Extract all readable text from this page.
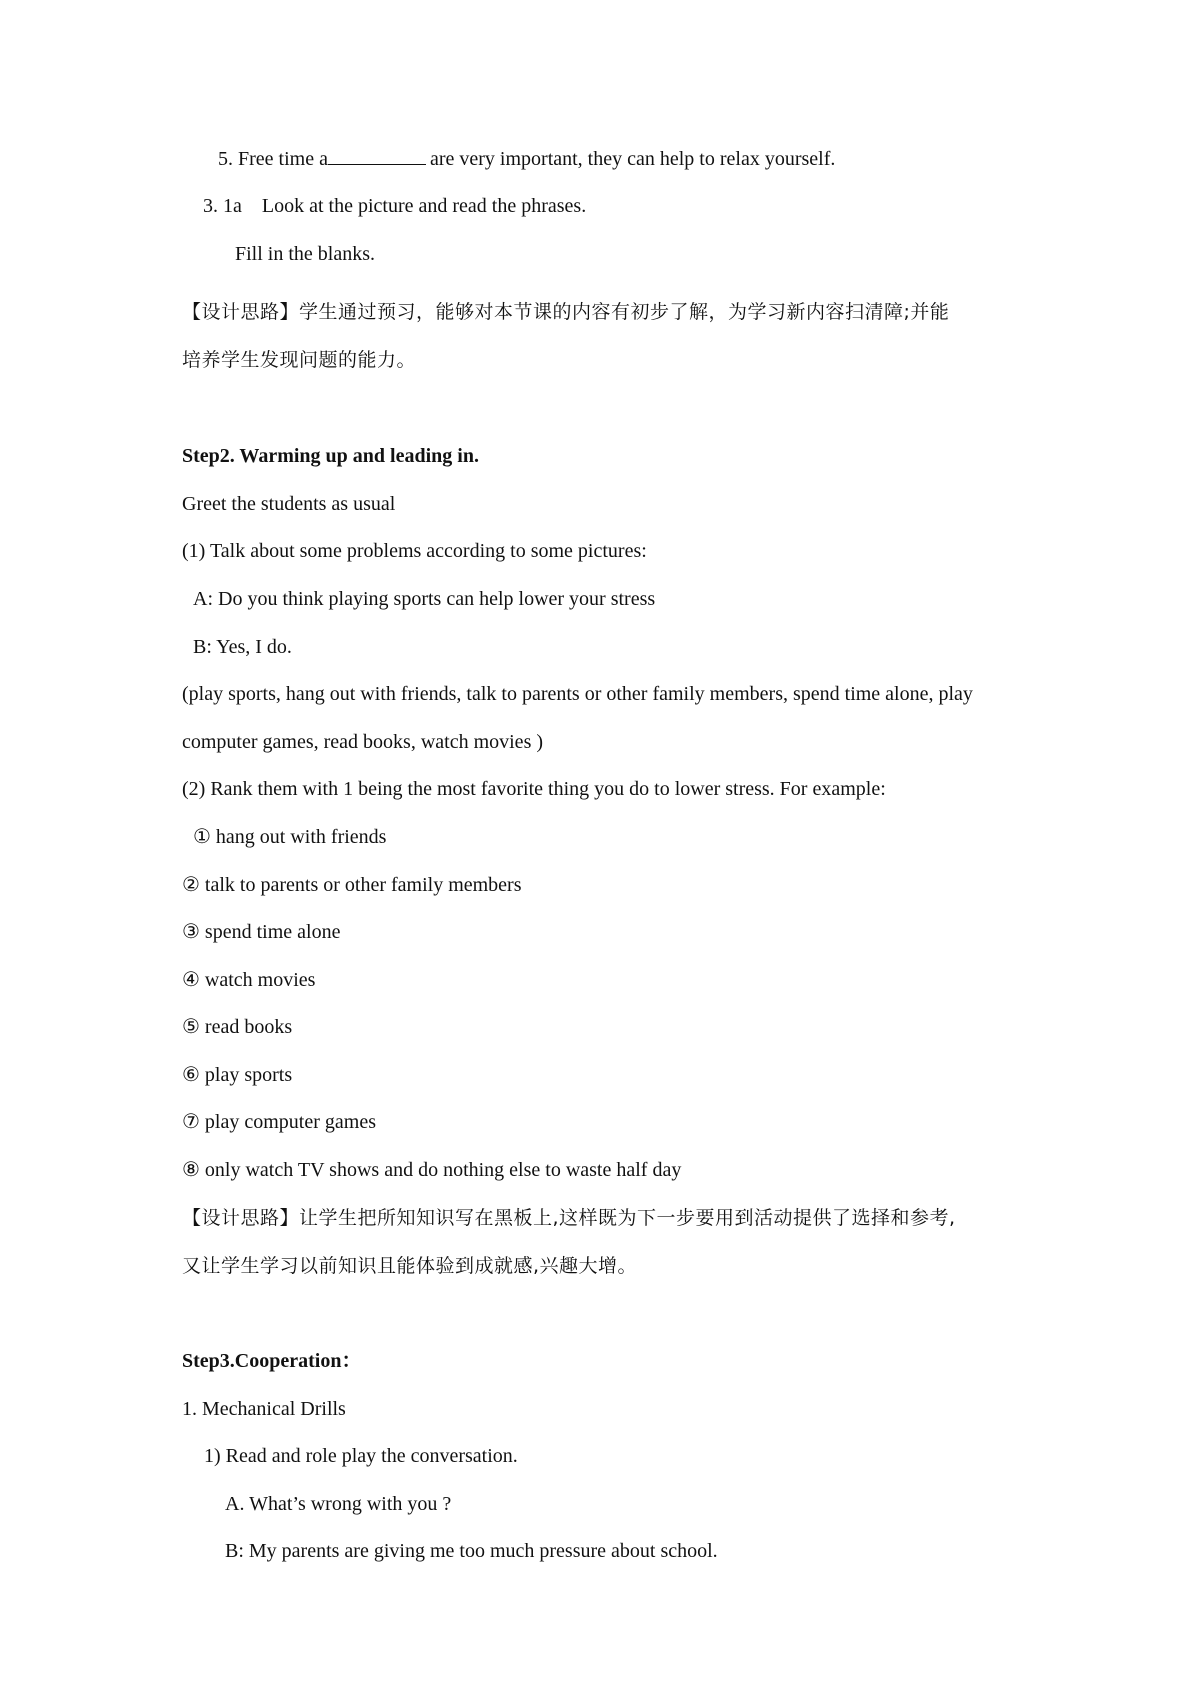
5. Free time a	are very important, they can help to relax yourself.
3. 1a    Look at the picture and read the phrases.
Fill in the blanks.
【设计思路】学生通过预习，能够对本节课的内容有初步了解，为学习新内容扫清障;并能
培养学生发现问题的能力。
Step2. Warming up and leading in.
Greet the students as usual
(1) Talk about some problems according to some pictures:
A: Do you think playing sports can help lower your stress
B: Yes, I do.
(play sports, hang out with friends, talk to parents or other family members, spend time alone, play
computer games, read books, watch movies )
(2) Rank them with 1 being the most favorite thing you do to lower stress. For example:
① hang out with friends
② talk to parents or other family members
③ spend time alone
④ watch movies
⑤ read books
⑥ play sports
⑦ play computer games
⑧ only watch TV shows and do nothing else to waste half day
【设计思路】让学生把所知知识写在黑板上,这样既为下一步要用到活动提供了选择和参考,
又让学生学习以前知识且能体验到成就感,兴趣大增。
Step3.Cooperation：
1. Mechanical Drills
1) Read and role play the conversation.
A. What’s wrong with you ?
B: My parents are giving me too much pressure about school.
